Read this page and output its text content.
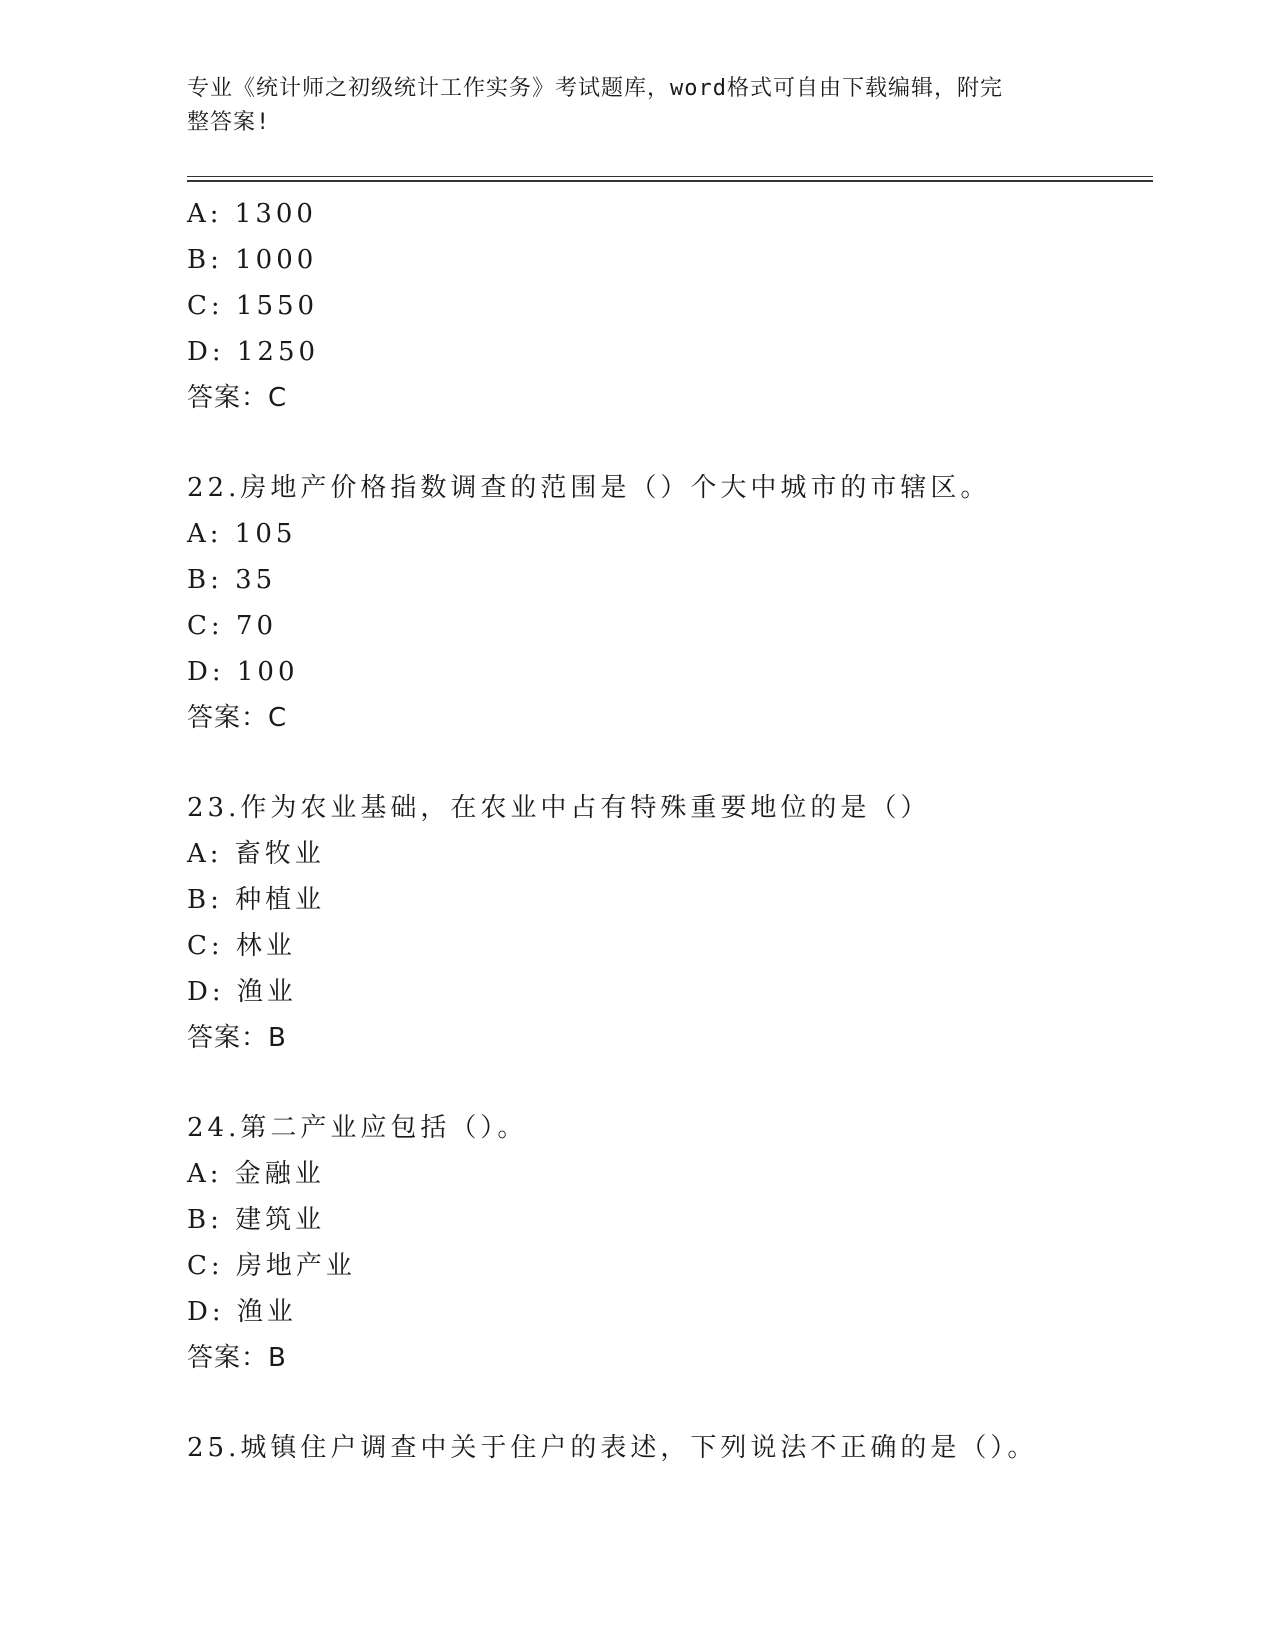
专业《统计师之初级统计工作实务》考试题库，word格式可自由下载编辑，附完
整答案!
A: 1300
B: 1000
C: 1550
D: 1250
答案：C
22.房地产价格指数调查的范围是（）个大中城市的市辖区。
A: 105
B: 35
C: 70
D: 100
答案：C
23.作为农业基础，在农业中占有特殊重要地位的是（）
A: 畜牧业
B: 种植业
C: 林业
D: 渔业
答案：B
24.第二产业应包括（）。
A: 金融业
B: 建筑业
C: 房地产业
D: 渔业
答案：B
25.城镇住户调查中关于住户的表述，下列说法不正确的是（）。
